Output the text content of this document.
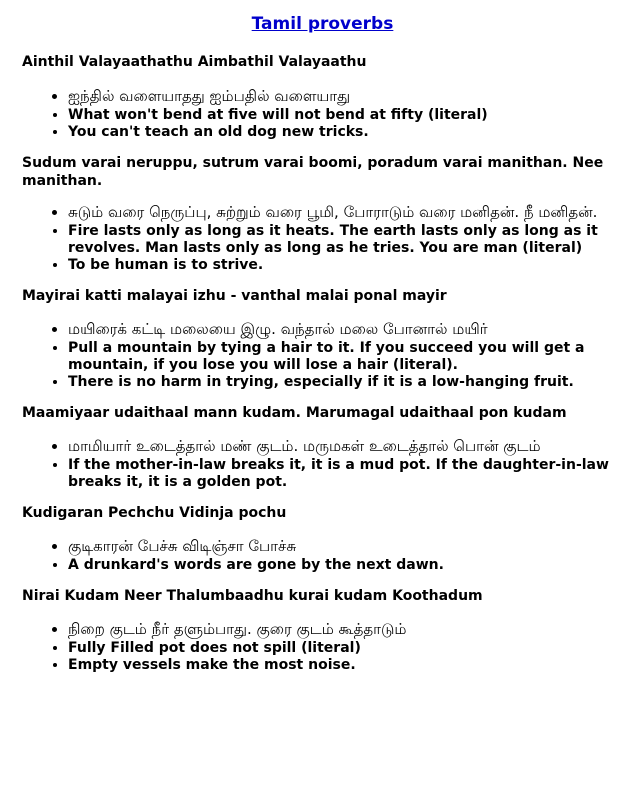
Tamil proverbs

Ainthil Valayaathathu Aimbathil Valayaathu

• ஐந்தில் வளையாதது ஐம்பதில் வளையாது
• What won't bend at five will not bend at fifty (literal)
• You can't teach an old dog new tricks.

Sudum varai neruppu, sutrum varai boomi, poradum varai manithan. Nee manithan.

• சுடும் வரை நெருப்பு, சுற்றும் வரை பூமி, போராடும் வரை மனிதன். நீ மனிதன்.
• Fire lasts only as long as it heats. The earth lasts only as long as it revolves. Man lasts only as long as he tries. You are man (literal)
• To be human is to strive.

Mayirai katti malayai izhu - vanthal malai ponal mayir

• மயிரைக் கட்டி மலையை இழு. வந்தால் மலை போனால் மயிர்
• Pull a mountain by tying a hair to it. If you succeed you will get a mountain, if you lose you will lose a hair (literal).
• There is no harm in trying, especially if it is a low-hanging fruit.

Maamiyaar udaithaal mann kudam. Marumagal udaithaal pon kudam

• மாமியார் உடைத்தால் மண் குடம். மருமகள் உடைத்தால் பொன் குடம்
• If the mother-in-law breaks it, it is a mud pot. If the daughter-in-law breaks it, it is a golden pot.

Kudigaran Pechchu Vidinja pochu

• குடிகாரன் பேச்சு விடிஞ்சா போச்சு
• A drunkard's words are gone by the next dawn.

Nirai Kudam Neer Thalumbaadhu kurai kudam Koothadum

• நிறை குடம் நீர் தளும்பாது. குரை குடம் கூத்தாடும்
• Fully Filled pot does not spill (literal)
• Empty vessels make the most noise.
